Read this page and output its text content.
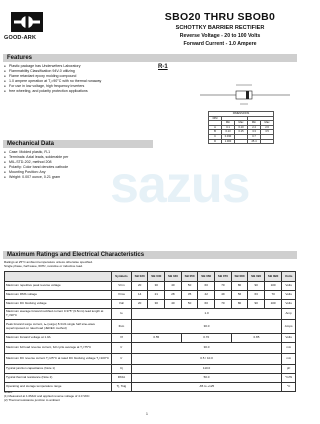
sazus
GOOD-ARK
SBO20 THRU SBOB0
SCHOTTKY BARRIER RECTIFIER
Reverse Voltage - 20 to 100 Volts
Forward Current - 1.0 Ampere
Features
● Plastic package has Underwriters Laboratory
● Flammability Classification 94V-0 utilizing
● Flame retardant epoxy molding compound
● 1.0 ampere operation at T⁁=90°C with no thermal runaway
● For use in low voltage, high frequency inverters
● free wheeling, and polarity protection applications
R-1
DIMENSIONS				
DIM				
	Min	Max	Min	Max
A	0.1	0.10	2.4	2.6
B	0.13	0.15	3.3	3.5
C	0.030		0.7	
D	1.000		25.4	
Mechanical Data
● Case: Molded plastic, R-1
● Terminals: Axial leads, solderable per
● MIL-STD-202, method 208
● Polarity: Color band denotes cathode
● Mounting Position: Any
● Weight: 0.007 ounce, 0.21 gram
Maximum Ratings and Electrical Characteristics
Ratings at 25°C ambient temperature unless otherwise specified.
Single phase, half wave, 60Hz, resistive or inductive load.
	Symbols	SB 020	SB 030	SB 040	SB 050	SB 060	SB 070	SB 080	SB 090	SB 0B0	Units
Maximum repetitive peak reverse voltage	Vrrm	20	30	40	50	60	70	80	90	100	Volts
Maximum RMS voltage	Vrms	14	21	28	35	42	49	56	63	70	Volts
Maximum DC blocking voltage	Vdc	20	30	40	50	60	70	80	90	100	Volts
Maximum average forward rectified current 0.375" (9.5mm) lead length at T⁁=90°C	Io	1.0									Amp
Peak forward surge current, Iₘ (surge) 8.3mS single half sine-wave superimposed on rated load (JEDEC method)	Ifsm	30.0									Amps
Maximum forward voltage at 1.0A	Vf	0.55			0.70			0.85			Volts
Maximum full load reverse current, full cycle average at T⁁=75°C	Ir	30.0									mA
Maximum DC reverse current T⁁=25°C at rated DC blocking voltage T⁁=100°C	Ir	0.5 / 10.0									mA
Typical junction capacitance (Note 1)	Cj	110.0									pF
Typical thermal resistance (Note 2)	RθJA	50.0									°C/W
Operating and storage temperature range	Tj, Tstg	-65 to +125									°C
Notes:
(1) Measured at 1.0MHz and applied reverse voltage of 4.0 VDC
(2) Thermal resistance junction to ambient
1
